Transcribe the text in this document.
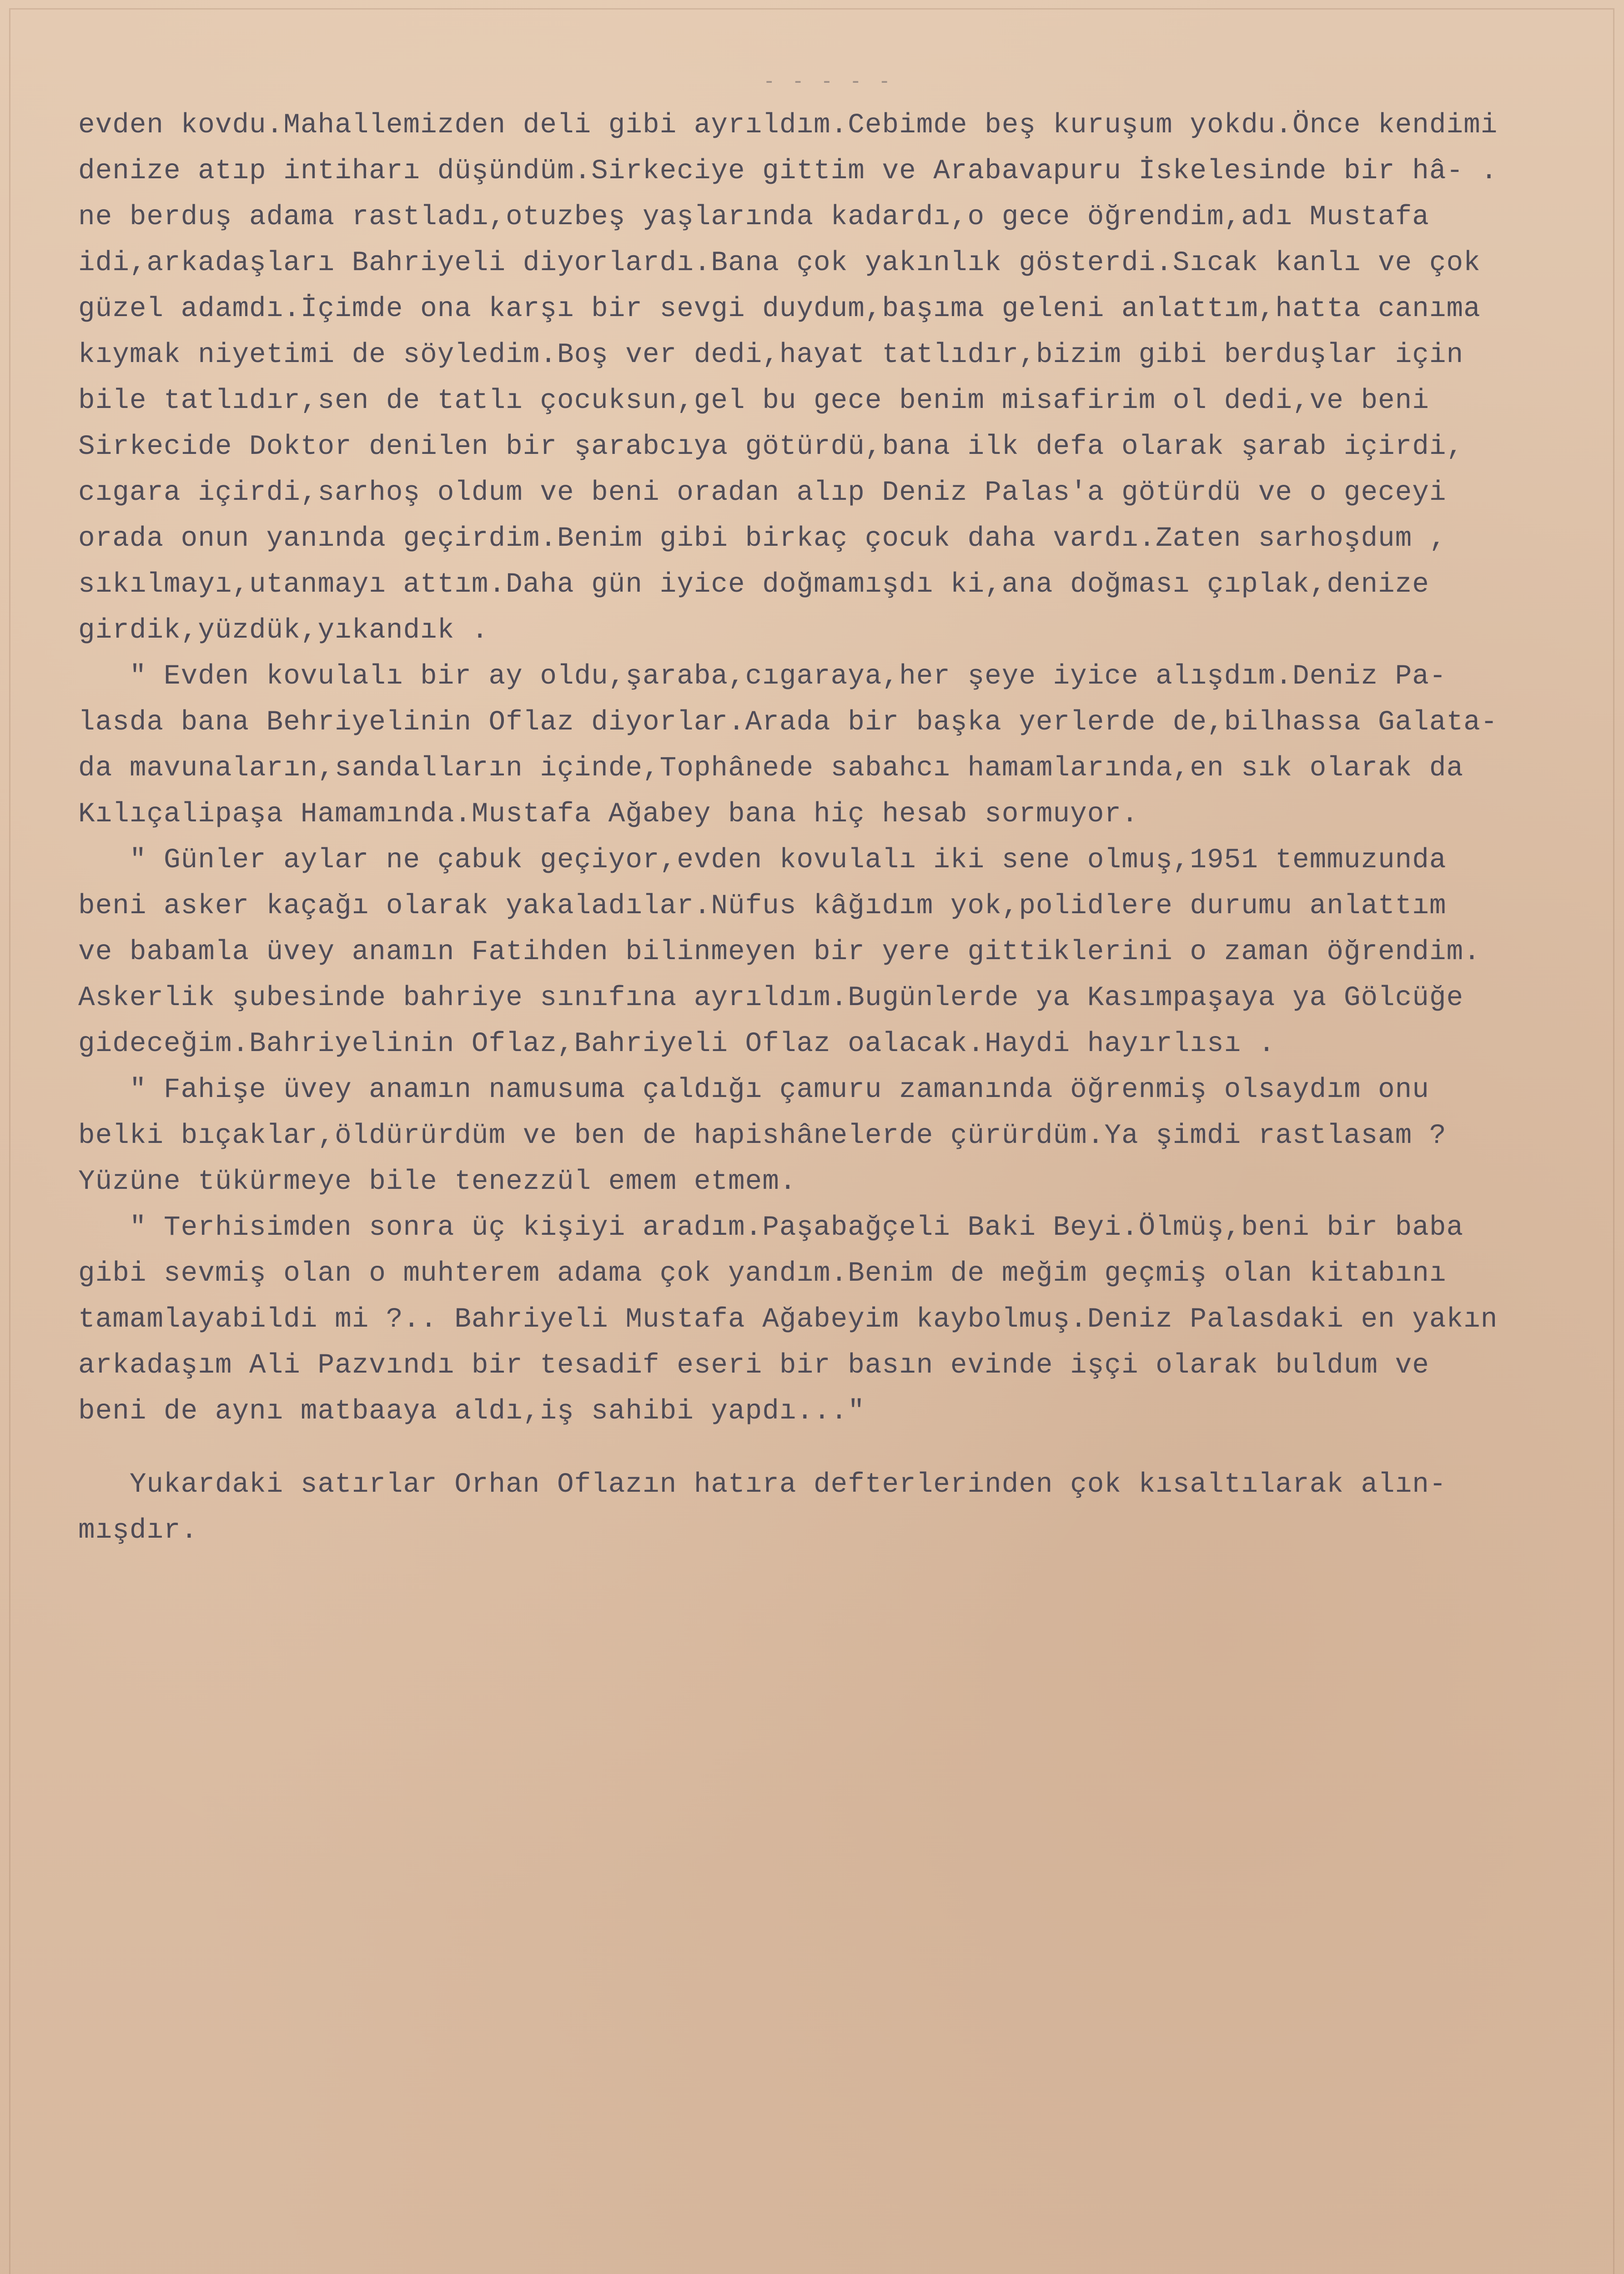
- - - - -
evden kovdu.Mahallemizden deli gibi ayrıldım.Cebimde beş kuruşum yokdu.Önce kendimi
denize atıp intiharı düşündüm.Sirkeciye gittim ve Arabavapuru İskelesinde bir hâ- .
ne berduş adama rastladı,otuzbeş yaşlarında kadardı,o gece öğrendim,adı Mustafa
idi,arkadaşları Bahriyeli diyorlardı.Bana çok yakınlık gösterdi.Sıcak kanlı ve çok
güzel adamdı.İçimde ona karşı bir sevgi duydum,başıma geleni anlattım,hatta canıma
kıymak niyetimi de söyledim.Boş ver dedi,hayat tatlıdır,bizim gibi berduşlar için
bile tatlıdır,sen de tatlı çocuksun,gel bu gece benim misafirim ol dedi,ve beni
Sirkecide Doktor denilen bir şarabcıya götürdü,bana ilk defa olarak şarab içirdi,
cıgara içirdi,sarhoş oldum ve beni oradan alıp Deniz Palas'a götürdü ve o geceyi
orada onun yanında geçirdim.Benim gibi birkaç çocuk daha vardı.Zaten sarhoşdum ,
sıkılmayı,utanmayı attım.Daha gün iyice doğmamışdı ki,ana doğması çıplak,denize
girdik,yüzdük,yıkandık .
" Evden kovulalı bir ay oldu,şaraba,cıgaraya,her şeye iyice alışdım.Deniz Pa-
lasda bana Behriyelinin Oflaz diyorlar.Arada bir başka yerlerde de,bilhassa Galata-
da mavunaların,sandalların içinde,Tophânede sabahcı hamamlarında,en sık olarak da
Kılıçalipaşa Hamamında.Mustafa Ağabey bana hiç hesab sormuyor.
" Günler aylar ne çabuk geçiyor,evden kovulalı iki sene olmuş,1951 temmuzunda
beni asker kaçağı olarak yakaladılar.Nüfus kâğıdım yok,polidlere durumu anlattım
ve babamla üvey anamın Fatihden bilinmeyen bir yere gittiklerini o zaman öğrendim.
Askerlik şubesinde bahriye sınıfına ayrıldım.Bugünlerde ya Kasımpaşaya ya Gölcüğe
gideceğim.Bahriyelinin Oflaz,Bahriyeli Oflaz oalacak.Haydi hayırlısı .
" Fahişe üvey anamın namusuma çaldığı çamuru zamanında öğrenmiş olsaydım onu
belki bıçaklar,öldürürdüm ve ben de hapishânelerde çürürdüm.Ya şimdi rastlasam ?
Yüzüne tükürmeye bile tenezzül emem etmem.
" Terhisimden sonra üç kişiyi aradım.Paşabağçeli Baki Beyi.Ölmüş,beni bir baba
gibi sevmiş olan o muhterem adama çok yandım.Benim de meğim geçmiş olan kitabını
tamamlayabildi mi ?.. Bahriyeli Mustafa Ağabeyim kaybolmuş.Deniz Palasdaki en yakın
arkadaşım Ali Pazvındı bir tesadif eseri bir basın evinde işçi olarak buldum ve
beni de aynı matbaaya aldı,iş sahibi yapdı..."
Yukardaki satırlar Orhan Oflazın hatıra defterlerinden çok kısaltılarak alın-
mışdır.
